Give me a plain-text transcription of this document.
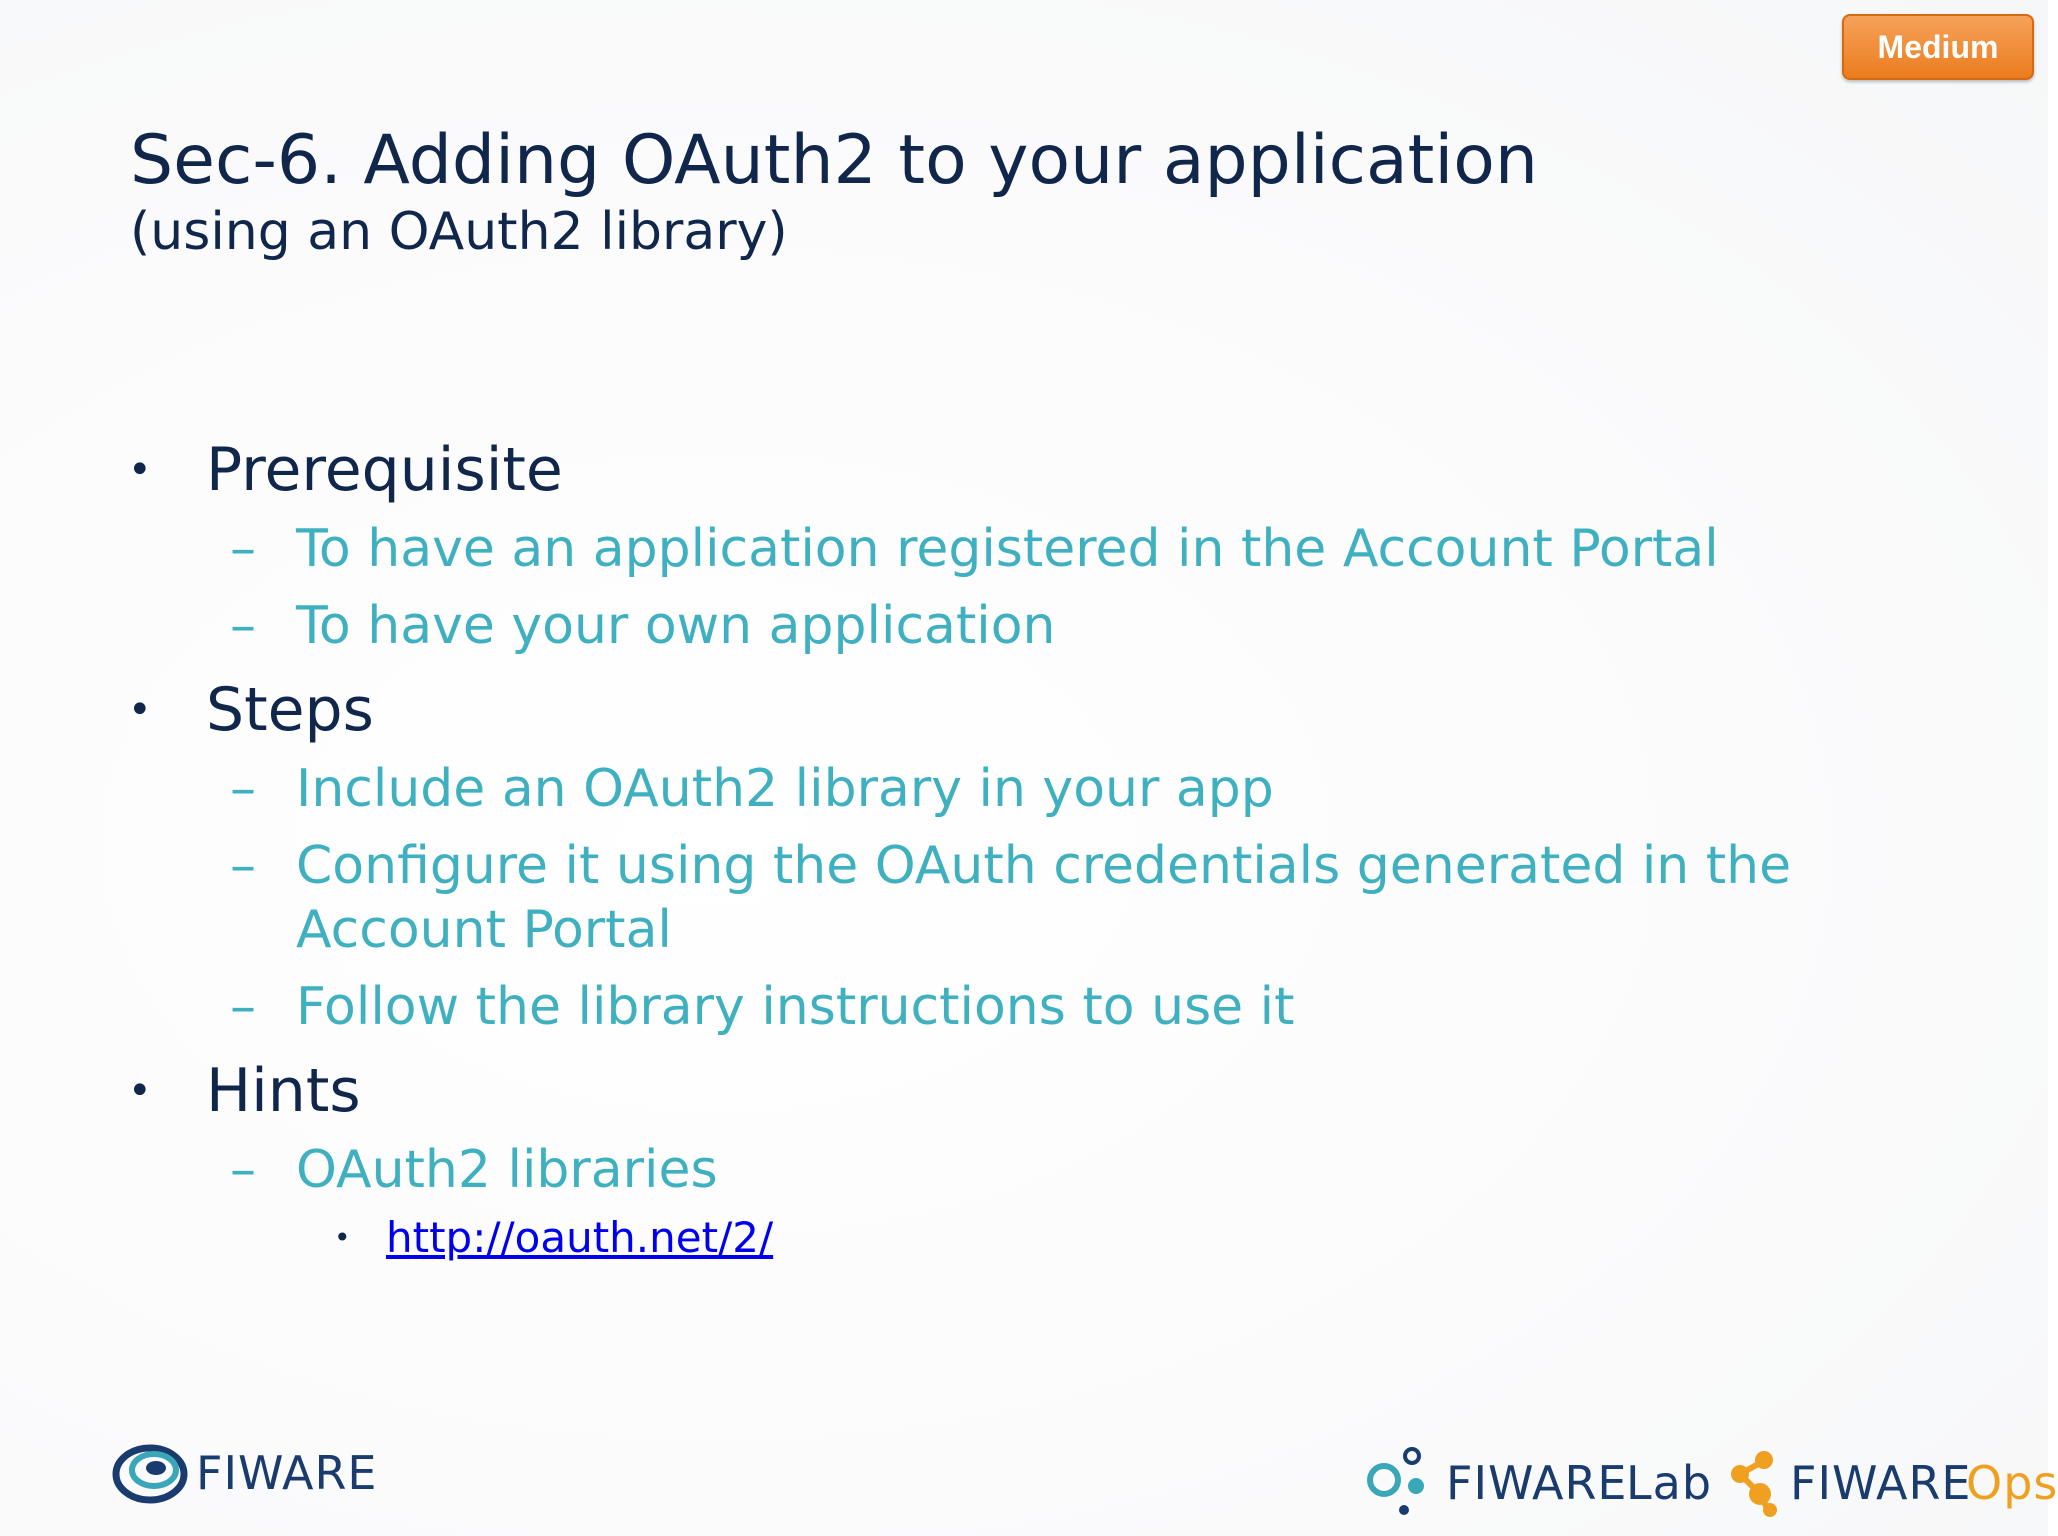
Medium
Sec-6. Adding OAuth2 to your application
(using an OAuth2 library)
• Prerequisite
– To have an application registered in the Account Portal
– To have your own application
• Steps
– Include an OAuth2 library in your app
– Configure it using the OAuth credentials generated in the
Account Portal
– Follow the library instructions to use it
• Hints
– OAuth2 libraries
• http://oauth.net/2/
FIWARE	FIWARE
Lab FIWARE
Ops
